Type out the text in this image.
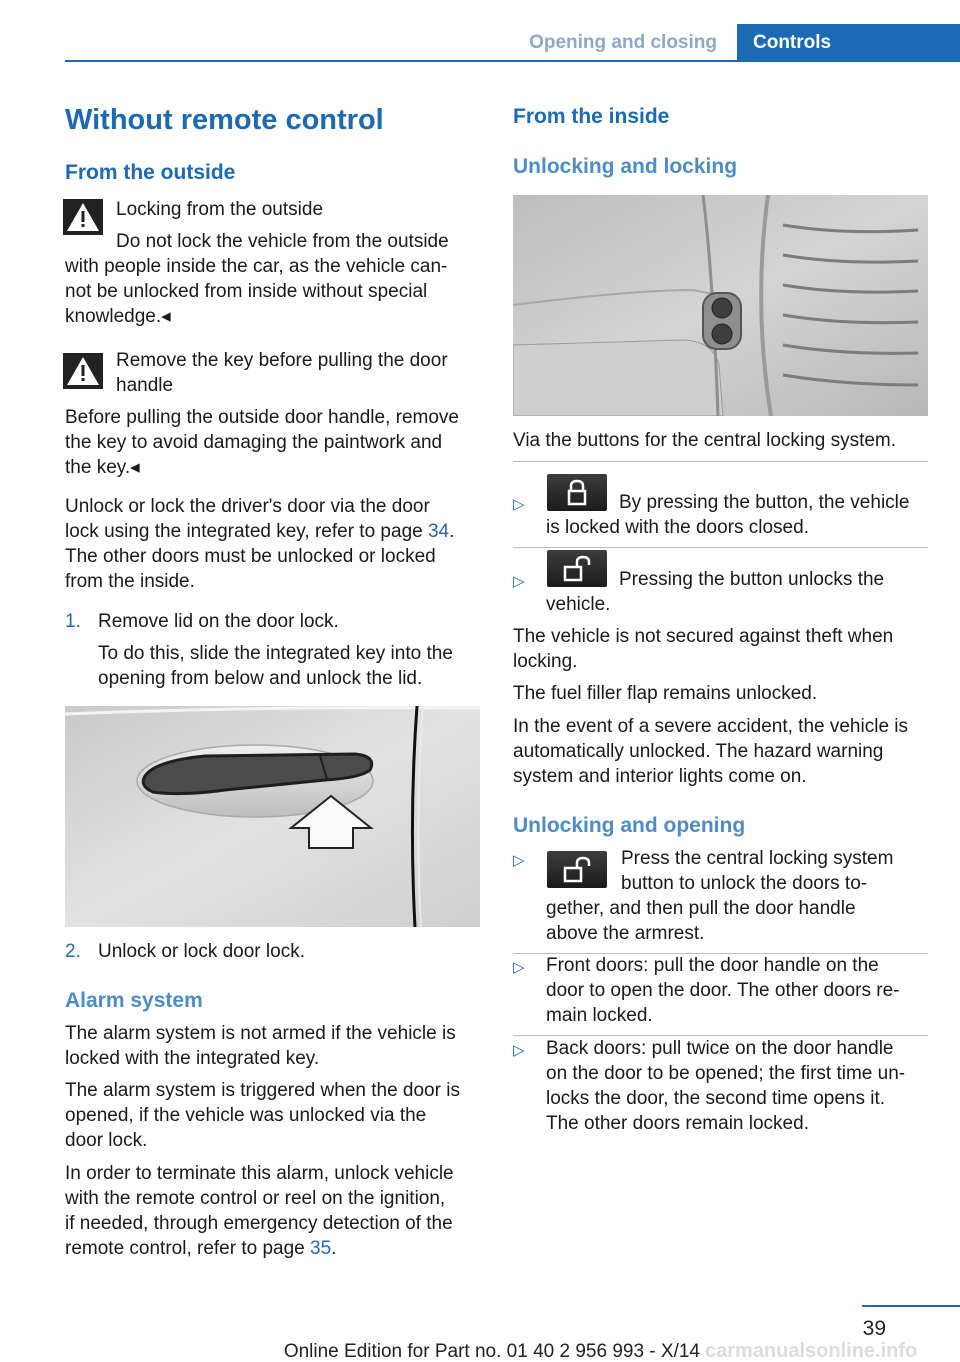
Opening and closing	Controls
Without remote control
From the outside
Locking from the outside
Do not lock the vehicle from the outside
with people inside the car, as the vehicle can‐
not be unlocked from inside without special
knowledge.◂
Remove the key before pulling the door
handle
Before pulling the outside door handle, remove
the key to avoid damaging the paintwork and
the key.◂
Unlock or lock the driver's door via the door
lock using the integrated key, refer to page 34.
The other doors must be unlocked or locked
from the inside.
1. Remove lid on the door lock.
To do this, slide the integrated key into the
opening from below and unlock the lid.
2. Unlock or lock door lock.
Alarm system
The alarm system is not armed if the vehicle is
locked with the integrated key.
The alarm system is triggered when the door is
opened, if the vehicle was unlocked via the
door lock.
In order to terminate this alarm, unlock vehicle
with the remote control or reel on the ignition,
if needed, through emergency detection of the
remote control, refer to page 35.
From the inside
Unlocking and locking
Via the buttons for the central locking system.
▷	By pressing the button, the vehicle
is locked with the doors closed.
▷	Pressing the button unlocks the
vehicle.
The vehicle is not secured against theft when
locking.
The fuel filler flap remains unlocked.
In the event of a severe accident, the vehicle is
automatically unlocked. The hazard warning
system and interior lights come on.
Unlocking and opening
▷	Press the central locking system
button to unlock the doors to‐
gether, and then pull the door handle
above the armrest.
▷ Front doors: pull the door handle on the
door to open the door. The other doors re‐
main locked.
▷ Back doors: pull twice on the door handle
on the door to be opened; the first time un‐
locks the door, the second time opens it.
The other doors remain locked.
39
Online Edition for Part no. 01 40 2 956 993 - X/14 carmanualsonline.info
